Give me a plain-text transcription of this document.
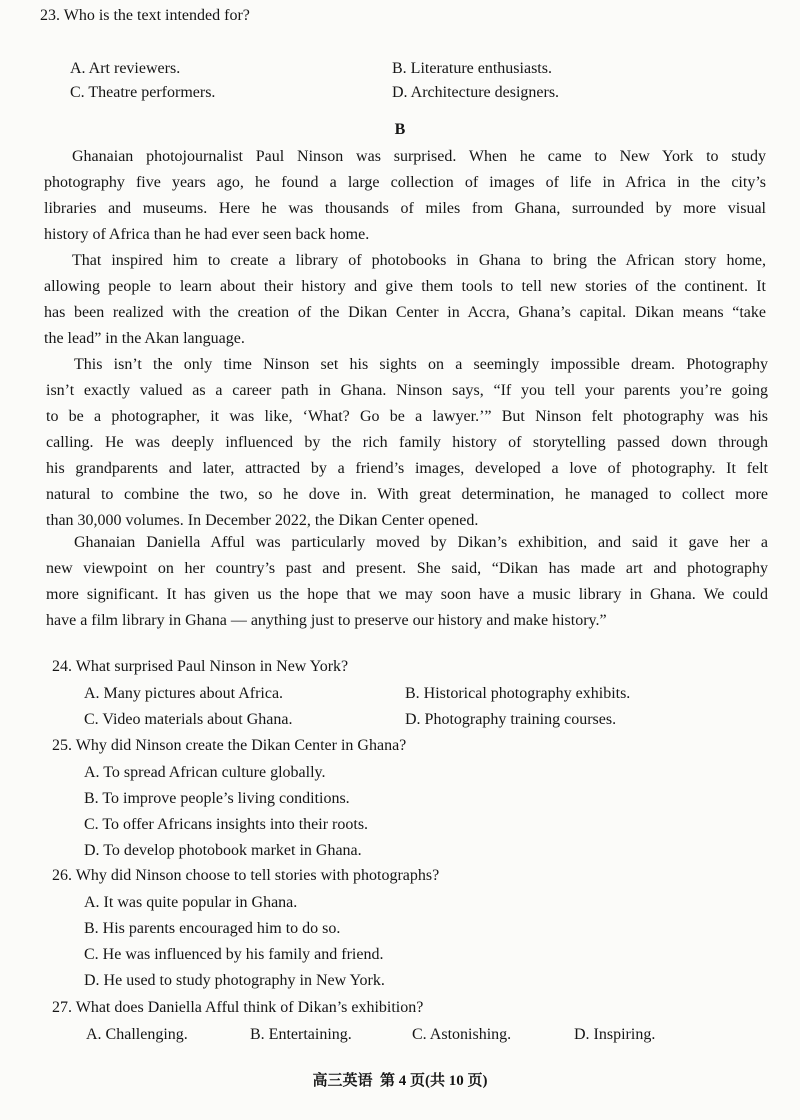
23. Who is the text intended for?
A. Art reviewers.	B. Literature enthusiasts.
C. Theatre performers.	D. Architecture designers.
B
Ghanaian photojournalist Paul Ninson was surprised. When he came to New York to study
photography five years ago, he found a large collection of images of life in Africa in the city’s
libraries and museums. Here he was thousands of miles from Ghana, surrounded by more visual
history of Africa than he had ever seen back home.
That inspired him to create a library of photobooks in Ghana to bring the African story home,
allowing people to learn about their history and give them tools to tell new stories of the continent. It
has been realized with the creation of the Dikan Center in Accra, Ghana’s capital. Dikan means “take
the lead” in the Akan language.
This isn’t the only time Ninson set his sights on a seemingly impossible dream. Photography
isn’t exactly valued as a career path in Ghana. Ninson says, “If you tell your parents you’re going
to be a photographer, it was like, ‘What? Go be a lawyer.’” But Ninson felt photography was his
calling. He was deeply influenced by the rich family history of storytelling passed down through
his grandparents and later, attracted by a friend’s images, developed a love of photography. It felt
natural to combine the two, so he dove in. With great determination, he managed to collect more
than 30,000 volumes. In December 2022, the Dikan Center opened.
Ghanaian Daniella Afful was particularly moved by Dikan’s exhibition, and said it gave her a
new viewpoint on her country’s past and present. She said, “Dikan has made art and photography
more significant. It has given us the hope that we may soon have a music library in Ghana. We could
have a film library in Ghana — anything just to preserve our history and make history.”
24. What surprised Paul Ninson in New York?
A. Many pictures about Africa.	B. Historical photography exhibits.
C. Video materials about Ghana.	D. Photography training courses.
25. Why did Ninson create the Dikan Center in Ghana?
A. To spread African culture globally.
B. To improve people’s living conditions.
C. To offer Africans insights into their roots.
D. To develop photobook market in Ghana.
26. Why did Ninson choose to tell stories with photographs?
A. It was quite popular in Ghana.
B. His parents encouraged him to do so.
C. He was influenced by his family and friend.
D. He used to study photography in New York.
27. What does Daniella Afful think of Dikan’s exhibition?
A. Challenging.	B. Entertaining.	C. Astonishing.	D. Inspiring.
高三英语  第 4 页(共 10 页)
